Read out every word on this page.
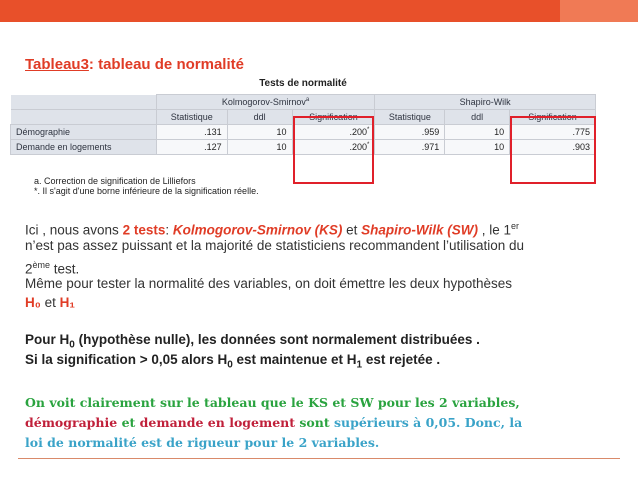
Tableau3: tableau de normalité
Tests de normalité
	Kolmogorov-Smirnov$^a$			Shapiro-Wilk		
	Statistique	ddl	Signification	Statistique	ddl	Signification
Démographie	.131	10	.200*	.959	10	.775
Demande en logements	.127	10	.200*	.971	10	.903
a. Correction de signification de Lilliefors
*. Il s'agit d'une borne inférieure de la signification réelle.
Ici , nous avons 2 tests: Kolmogorov-Smirnov (KS) et Shapiro-Wilk (SW) , le 1er
n’est pas assez puissant et la majorité de statisticiens recommandent l’utilisation du
2ème test.
Même pour tester la normalité des variables, on doit émettre les deux hypothèses
H₀ et H₁
Pour $H_0$ (hypothèse nulle), les données sont normalement distribuées .
Si la signification > 0,05 alors $H_0$ est maintenue et $H_1$ est rejetée .
On voit clairement sur le tableau que le KS et SW pour les 2 variables,
démographie et demande en logement sont supérieurs à 0,05. Donc, la
loi de normalité est de rigueur pour le 2 variables.
